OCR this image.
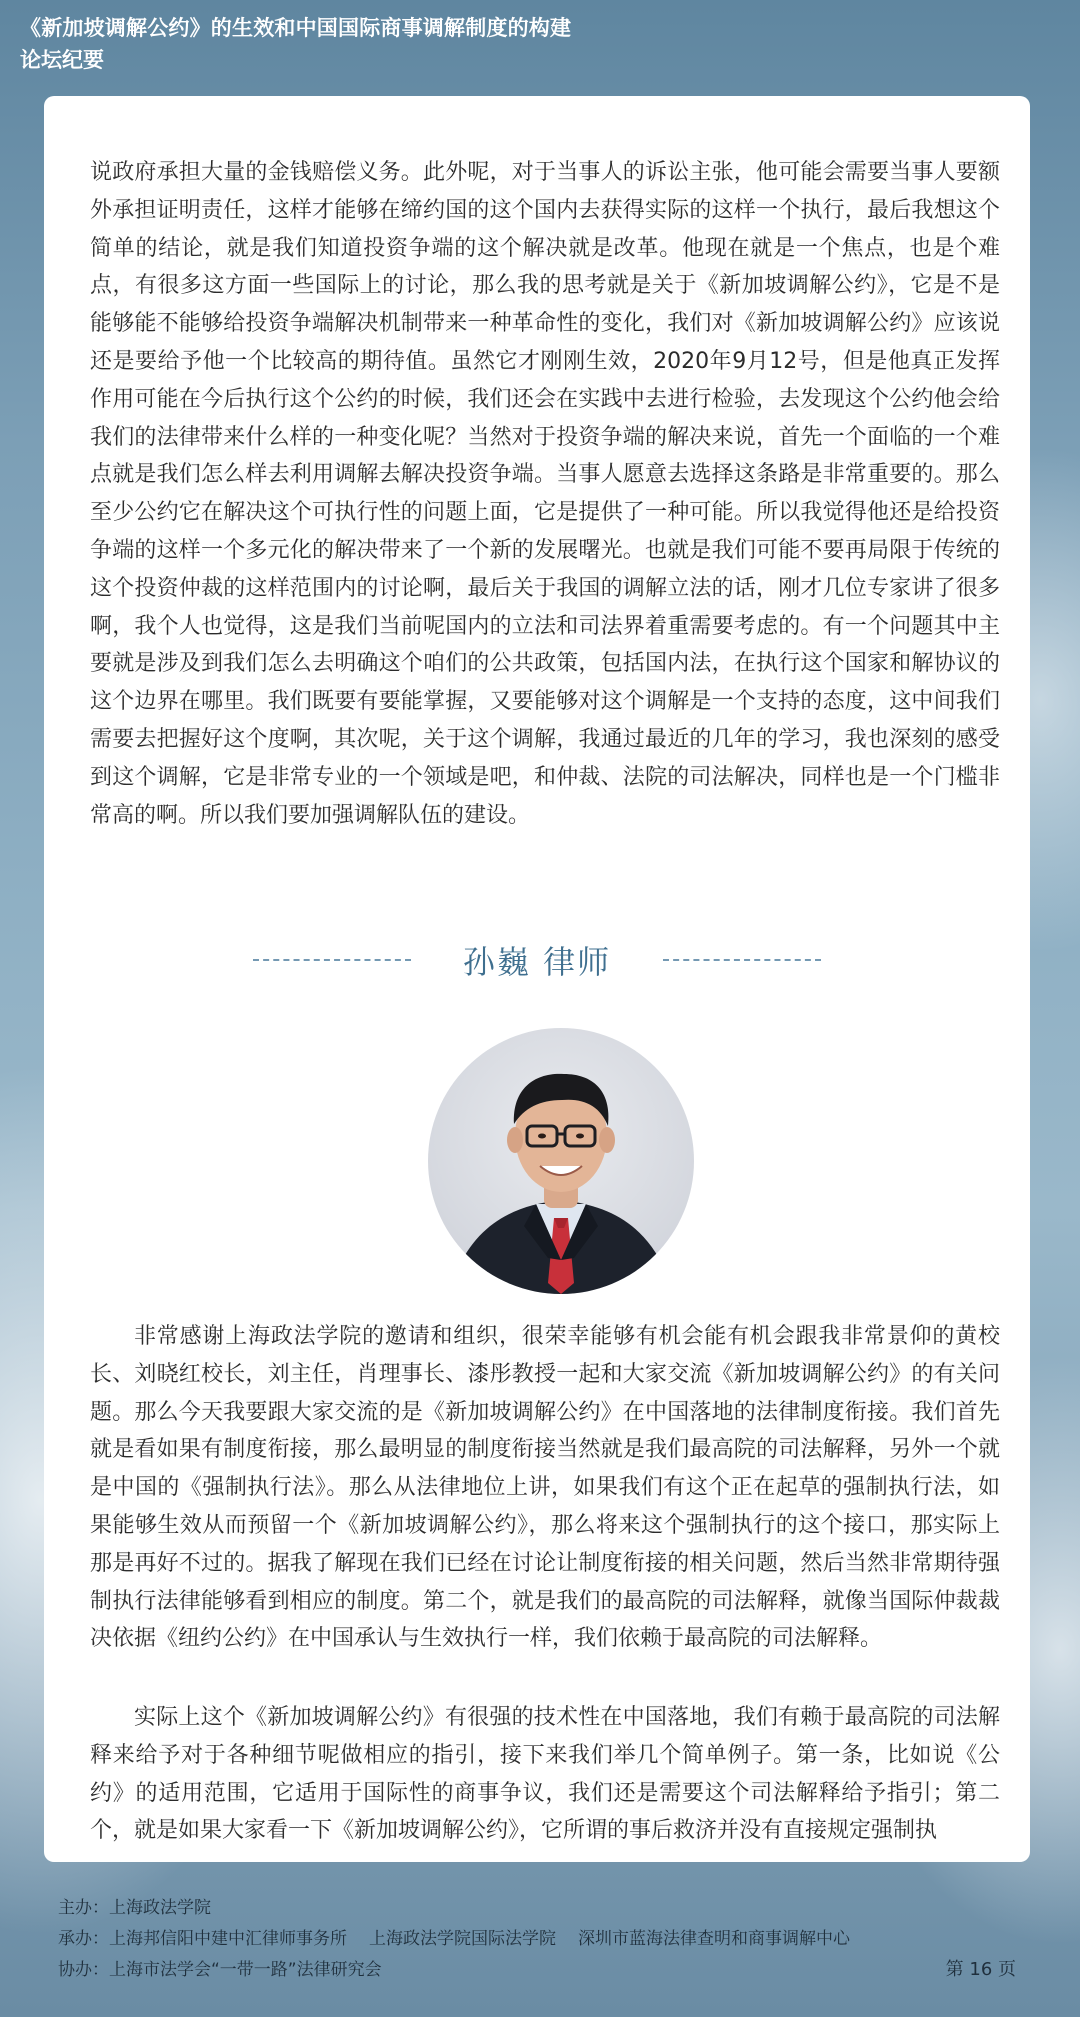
《新加坡调解公约》的生效和中国国际商事调解制度的构建
论坛纪要

说政府承担大量的金钱赔偿义务。此外呢，对于当事人的诉讼主张，他可能会需要当事人要额外承担证明责任，这样才能够在缔约国的这个国内去获得实际的这样一个执行，最后我想这个简单的结论，就是我们知道投资争端的这个解决就是改革。他现在就是一个焦点，也是个难点，有很多这方面一些国际上的讨论，那么我的思考就是关于《新加坡调解公约》，它是不是能够能不能够给投资争端解决机制带来一种革命性的变化，我们对《新加坡调解公约》应该说还是要给予他一个比较高的期待值。虽然它才刚刚生效，2020年9月12号，但是他真正发挥作用可能在今后执行这个公约的时候，我们还会在实践中去进行检验，去发现这个公约他会给我们的法律带来什么样的一种变化呢？当然对于投资争端的解决来说，首先一个面临的一个难点就是我们怎么样去利用调解去解决投资争端。当事人愿意去选择这条路是非常重要的。那么至少公约它在解决这个可执行性的问题上面，它是提供了一种可能。所以我觉得他还是给投资争端的这样一个多元化的解决带来了一个新的发展曙光。也就是我们可能不要再局限于传统的这个投资仲裁的这样范围内的讨论啊，最后关于我国的调解立法的话，刚才几位专家讲了很多啊，我个人也觉得，这是我们当前呢国内的立法和司法界着重需要考虑的。有一个问题其中主要就是涉及到我们怎么去明确这个咱们的公共政策，包括国内法，在执行这个国家和解协议的这个边界在哪里。我们既要有要能掌握，又要能够对这个调解是一个支持的态度，这中间我们需要去把握好这个度啊，其次呢，关于这个调解，我通过最近的几年的学习，我也深刻的感受到这个调解，它是非常专业的一个领域是吧，和仲裁、法院的司法解决，同样也是一个门槛非常高的啊。所以我们要加强调解队伍的建设。

孙巍 律师

非常感谢上海政法学院的邀请和组织，很荣幸能够有机会能有机会跟我非常景仰的黄校长、刘晓红校长，刘主任，肖理事长、漆彤教授一起和大家交流《新加坡调解公约》的有关问题。那么今天我要跟大家交流的是《新加坡调解公约》在中国落地的法律制度衔接。我们首先就是看如果有制度衔接，那么最明显的制度衔接当然就是我们最高院的司法解释，另外一个就是中国的《强制执行法》。那么从法律地位上讲，如果我们有这个正在起草的强制执行法，如果能够生效从而预留一个《新加坡调解公约》，那么将来这个强制执行的这个接口，那实际上那是再好不过的。据我了解现在我们已经在讨论让制度衔接的相关问题，然后当然非常期待强制执行法律能够看到相应的制度。第二个，就是我们的最高院的司法解释，就像当国际仲裁裁决依据《纽约公约》在中国承认与生效执行一样，我们依赖于最高院的司法解释。

实际上这个《新加坡调解公约》有很强的技术性在中国落地，我们有赖于最高院的司法解释来给予对于各种细节呢做相应的指引，接下来我们举几个简单例子。第一条，比如说《公约》的适用范围，它适用于国际性的商事争议，我们还是需要这个司法解释给予指引；第二个，就是如果大家看一下《新加坡调解公约》，它所谓的事后救济并没有直接规定强制执

主办： 上海政法学院
承办： 上海邦信阳中建中汇律师事务所 上海政法学院国际法学院 深圳市蓝海法律查明和商事调解中心
协办： 上海市法学会“一带一路”法律研究会	第 16 页
